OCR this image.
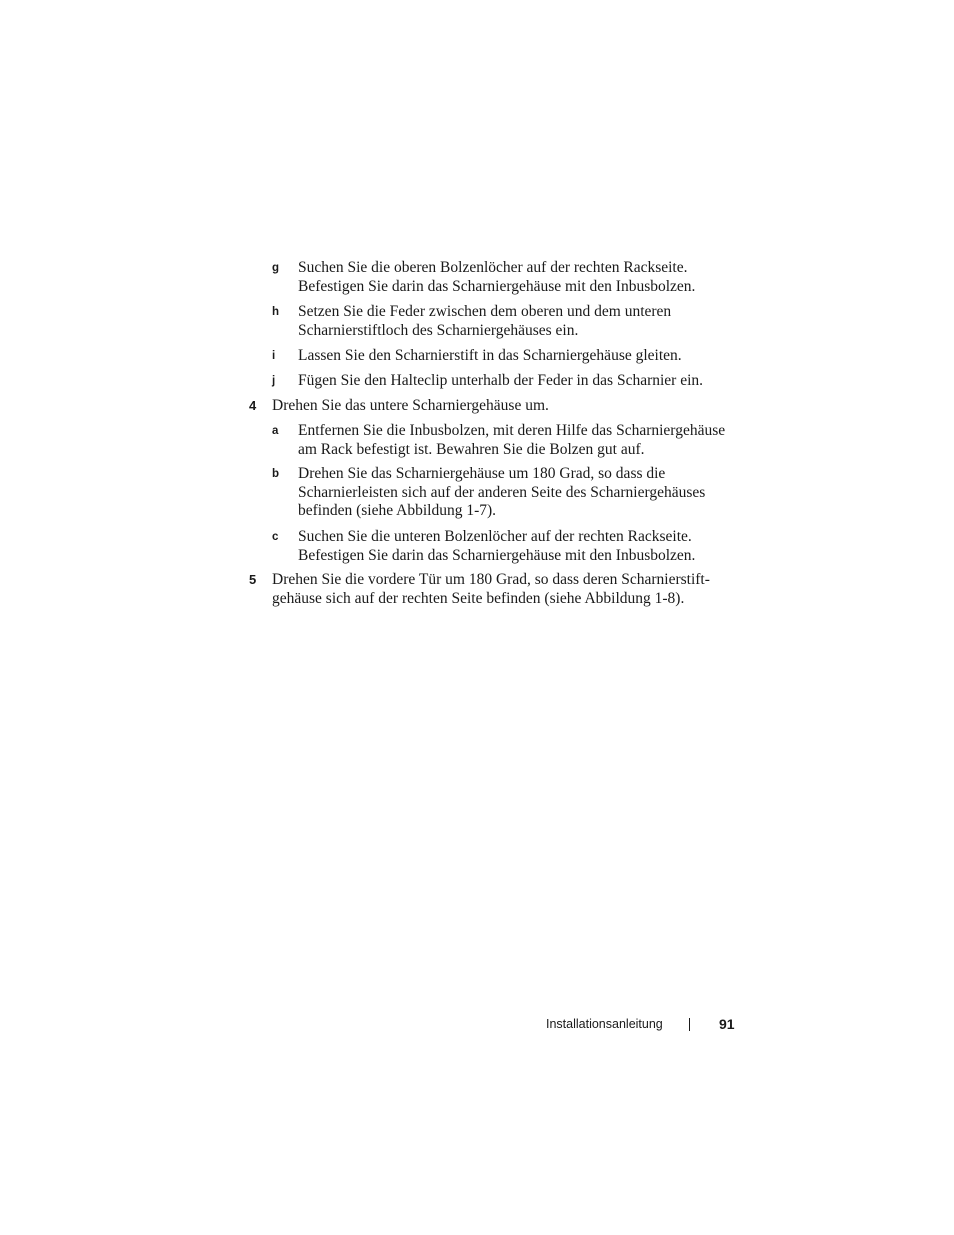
g Suchen Sie die oberen Bolzenlöcher auf der rechten Rackseite.
Befestigen Sie darin das Scharniergehäuse mit den Inbusbolzen.
h Setzen Sie die Feder zwischen dem oberen und dem unteren
Scharnierstiftloch des Scharniergehäuses ein.
i Lassen Sie den Scharnierstift in das Scharniergehäuse gleiten.
j Fügen Sie den Halteclip unterhalb der Feder in das Scharnier ein.
4 Drehen Sie das untere Scharniergehäuse um.
a Entfernen Sie die Inbusbolzen, mit deren Hilfe das Scharniergehäuse
am Rack befestigt ist. Bewahren Sie die Bolzen gut auf.
b Drehen Sie das Scharniergehäuse um 180 Grad, so dass die
Scharnierleisten sich auf der anderen Seite des Scharniergehäuses
befinden (siehe Abbildung 1-7).
c Suchen Sie die unteren Bolzenlöcher auf der rechten Rackseite.
Befestigen Sie darin das Scharniergehäuse mit den Inbusbolzen.
5 Drehen Sie die vordere Tür um 180 Grad, so dass deren Scharnierstift-
gehäuse sich auf der rechten Seite befinden (siehe Abbildung 1-8).
Installationsanleitung	91
